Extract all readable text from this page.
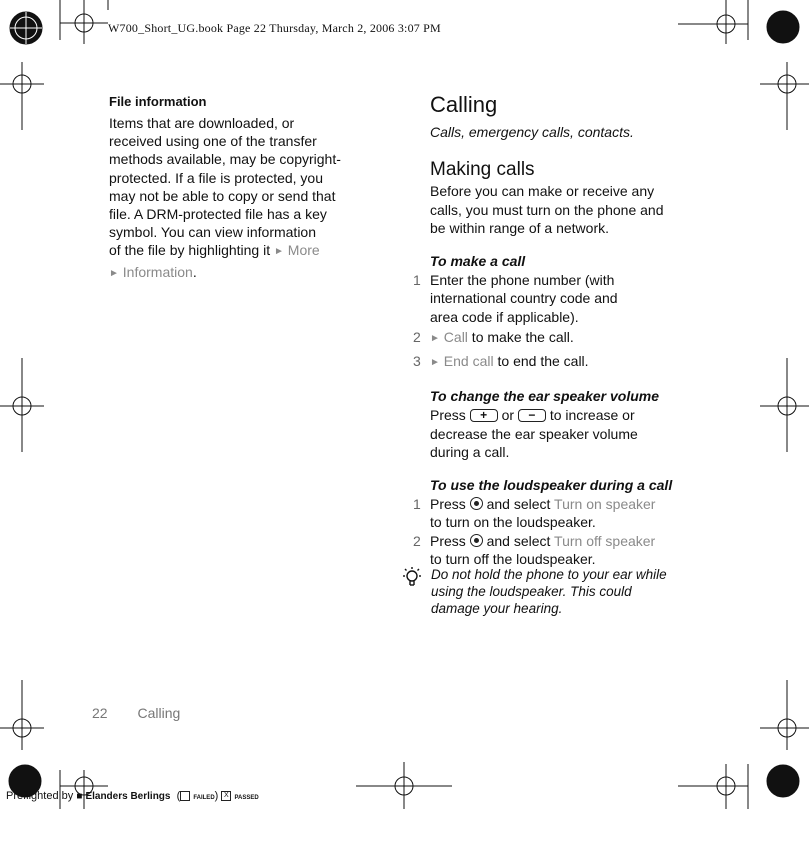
W700_Short_UG.book Page 22 Thursday, March 2, 2006 3:07 PM
File information

Items that are downloaded, or
received using one of the transfer
methods available, may be copyright-
protected. If a file is protected, you
may not be able to copy or send that
file. A DRM-protected file has a key
symbol. You can view information
of the file by highlighting it ► More
► Information.

Calling
Calls, emergency calls, contacts.
Making calls

Before you can make or receive any
calls, you must turn on the phone and
be within range of a network.

To make a call
1 Enter the phone number (with
international country code and
area code if applicable).
2 ► Call to make the call.
3 ► End call to end the call.
To change the ear speaker volume

Press + or − to increase or
decrease the ear speaker volume
during a call.

To use the loudspeaker during a call
1 Press and select Turn on speaker
to turn on the loudspeaker.
2 Press and select Turn off speaker
to turn off the loudspeaker.
Do not hold the phone to your ear while
using the loudspeaker. This could
damage your hearing.
22 Calling
Preflighted by ■ Elanders Berlings  ( FAILED) X PASSED
